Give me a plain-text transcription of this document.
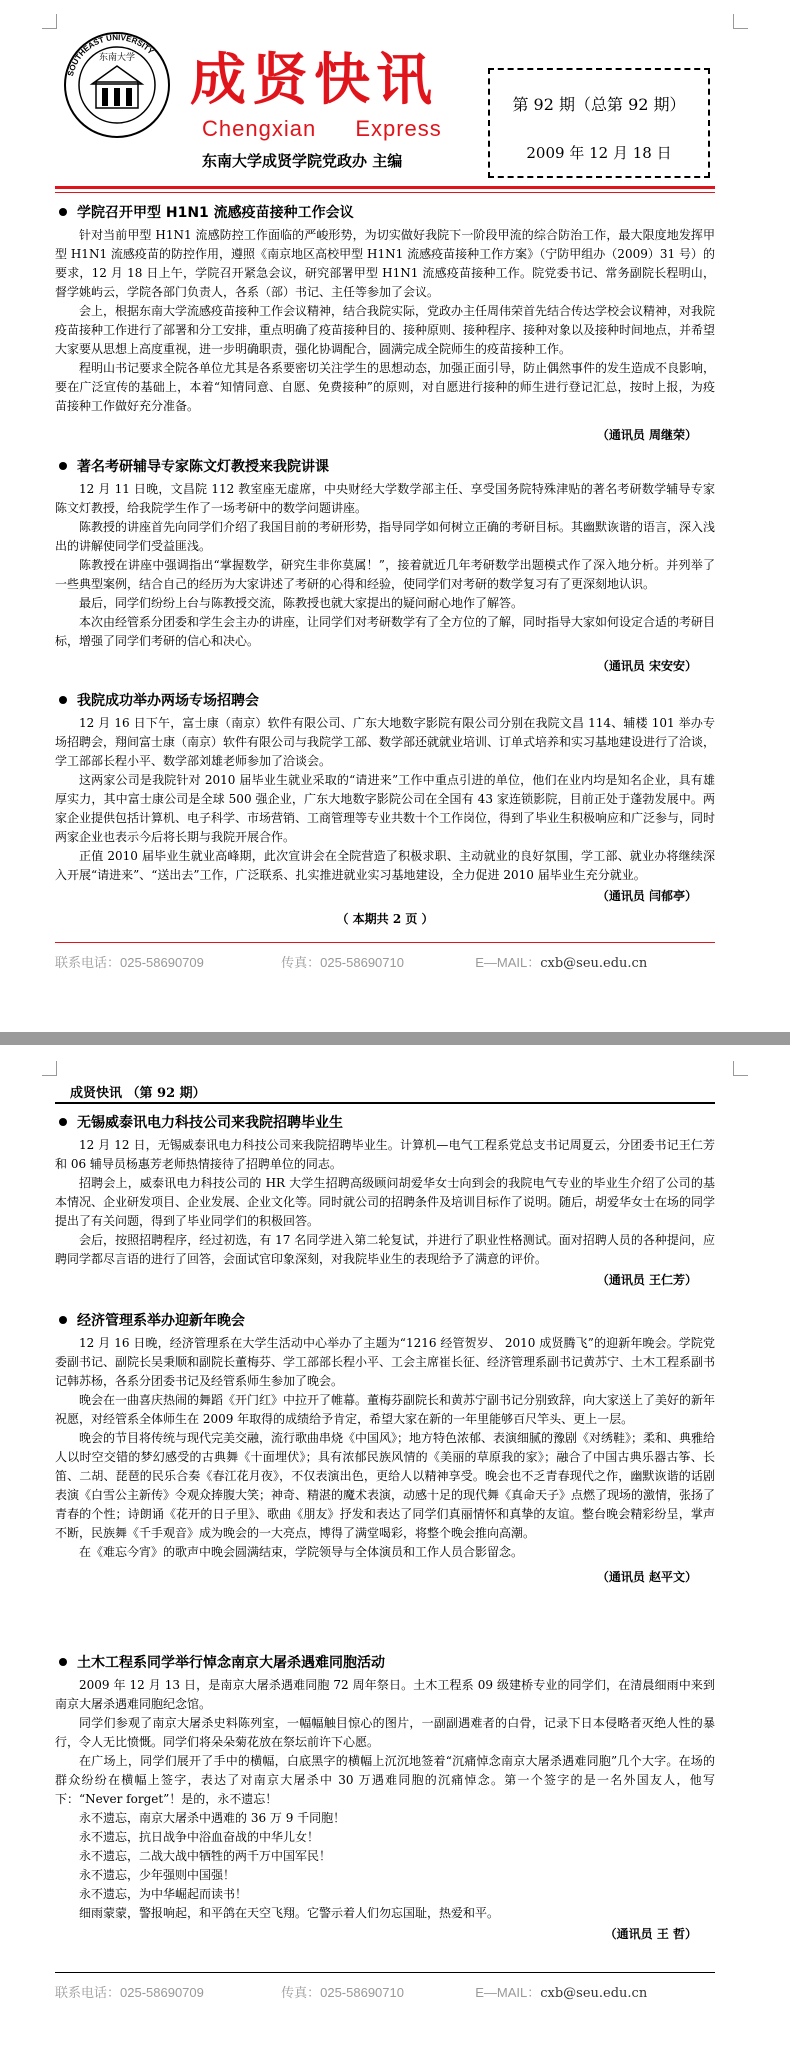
SOUTHEAST UNIVERSITY
东南大学 成贤快讯
Chengxian Express
东南大学成贤学院党政办 主编
第 92 期（总第 92 期）
2009 年 12 月 18 日
学院召开甲型 H1N1 流感疫苗接种工作会议

针对当前甲型 H1N1 流感防控工作面临的严峻形势，为切实做好我院下一阶段甲流的综合防治工作，最大限度地发挥甲型 H1N1 流感疫苗的防控作用，遵照《南京地区高校甲型 H1N1 流感疫苗接种工作方案》（宁防甲组办（2009）31 号）的要求，12 月 18 日上午，学院召开紧急会议，研究部署甲型 H1N1 流感疫苗接种工作。院党委书记、常务副院长程明山，督学姚屿云，学院各部门负责人，各系（部）书记、主任等参加了会议。

会上，根据东南大学流感疫苗接种工作会议精神，结合我院实际，党政办主任周伟荣首先结合传达学校会议精神，对我院疫苗接种工作进行了部署和分工安排，重点明确了疫苗接种目的、接种原则、接种程序、接种对象以及接种时间地点，并希望大家要从思想上高度重视，进一步明确职责，强化协调配合，圆满完成全院师生的疫苗接种工作。

程明山书记要求全院各单位尤其是各系要密切关注学生的思想动态，加强正面引导，防止偶然事件的发生造成不良影响，要在广泛宣传的基础上，本着“知情同意、自愿、免费接种”的原则，对自愿进行接种的师生进行登记汇总，按时上报，为疫苗接种工作做好充分准备。

（通讯员 周继荣）
著名考研辅导专家陈文灯教授来我院讲课

12 月 11 日晚，文昌院 112 教室座无虚席，中央财经大学数学部主任、享受国务院特殊津贴的著名考研数学辅导专家陈文灯教授，给我院学生作了一场考研中的数学问题讲座。

陈教授的讲座首先向同学们介绍了我国目前的考研形势，指导同学如何树立正确的考研目标。其幽默诙谐的语言，深入浅出的讲解使同学们受益匪浅。

陈教授在讲座中强调指出“掌握数学，研究生非你莫属！”，接着就近几年考研数学出题模式作了深入地分析。并列举了一些典型案例，结合自己的经历为大家讲述了考研的心得和经验，使同学们对考研的数学复习有了更深刻地认识。

最后，同学们纷纷上台与陈教授交流，陈教授也就大家提出的疑问耐心地作了解答。

本次由经管系分团委和学生会主办的讲座，让同学们对考研数学有了全方位的了解，同时指导大家如何设定合适的考研目标，增强了同学们考研的信心和决心。

（通讯员 宋安安）
我院成功举办两场专场招聘会

12 月 16 日下午，富士康（南京）软件有限公司、广东大地数字影院有限公司分别在我院文昌 114、辅楼 101 举办专场招聘会，翔间富士康（南京）软件有限公司与我院学工部、数学部还就就业培训、订单式培养和实习基地建设进行了洽谈，学工部部长程小平、数学部刘雄老师参加了洽谈会。

这两家公司是我院针对 2010 届毕业生就业采取的“请进来”工作中重点引进的单位，他们在业内均是知名企业，具有雄厚实力，其中富士康公司是全球 500 强企业，广东大地数字影院公司在全国有 43 家连锁影院，目前正处于蓬勃发展中。两家企业提供包括计算机、电子科学、市场营销、工商管理等专业共数十个工作岗位，得到了毕业生积极响应和广泛参与，同时两家企业也表示今后将长期与我院开展合作。

正值 2010 届毕业生就业高峰期，此次宣讲会在全院营造了积极求职、主动就业的良好氛围，学工部、就业办将继续深入开展“请进来”、“送出去”工作，广泛联系、扎实推进就业实习基地建设，全力促进 2010 届毕业生充分就业。

（通讯员 闫郁亭）
（ 本期共 2 页 ）
联系电话：025-58690709	传真：025-58690710	E—MAIL：cxb@seu.edu.cn
成贤快讯 （第 92 期）
无锡威泰讯电力科技公司来我院招聘毕业生

12 月 12 日，无锡威泰讯电力科技公司来我院招聘毕业生。计算机—电气工程系党总支书记周夏云，分团委书记王仁芳和 06 辅导员杨惠芳老师热情接待了招聘单位的同志。

招聘会上，威泰讯电力科技公司的 HR 大学生招聘高级顾问胡爱华女士向到会的我院电气专业的毕业生介绍了公司的基本情况、企业研发项目、企业发展、企业文化等。同时就公司的招聘条件及培训目标作了说明。随后，胡爱华女士在场的同学提出了有关问题，得到了毕业同学们的积极回答。

会后，按照招聘程序，经过初选，有 17 名同学进入第二轮复试，并进行了职业性格测试。面对招聘人员的各种提问，应聘同学都尽言语的进行了回答，会面试官印象深刻，对我院毕业生的表现给予了满意的评价。

（通讯员 王仁芳）
经济管理系举办迎新年晚会

12 月 16 日晚，经济管理系在大学生活动中心举办了主题为“1216 经管贺岁、 2010 成贤腾飞”的迎新年晚会。学院党委副书记、副院长吴秉顺和副院长董梅芬、学工部部长程小平、工会主席崔长征、经济管理系副书记黄苏宁、土木工程系副书记韩苏杨，各系分团委书记及经管系师生参加了晚会。

晚会在一曲喜庆热闹的舞蹈《开门红》中拉开了帷幕。董梅芬副院长和黄苏宁副书记分别致辞，向大家送上了美好的新年祝愿，对经管系全体师生在 2009 年取得的成绩给予肯定，希望大家在新的一年里能够百尺竿头、更上一层。

晚会的节目将传统与现代完美交融，流行歌曲串烧《中国风》；地方特色浓郁、表演细腻的豫剧《对绣鞋》；柔和、典雅给人以时空交错的梦幻感受的古典舞《十面埋伏》；具有浓郁民族风情的《美丽的草原我的家》；融合了中国古典乐器古筝、长笛、二胡、琵琶的民乐合奏《春江花月夜》，不仅表演出色，更给人以精神享受。晚会也不乏青春现代之作，幽默诙谐的话剧表演《白雪公主新传》令观众捧腹大笑；神奇、精湛的魔术表演，动感十足的现代舞《真命天子》点燃了现场的激情，张扬了青春的个性；诗朗诵《花开的日子里》、歌曲《朋友》抒发和表达了同学们真丽情怀和真挚的友谊。整台晚会精彩纷呈，掌声不断，民族舞《千手观音》成为晚会的一大亮点，博得了满堂喝彩，将整个晚会推向高潮。

在《难忘今宵》的歌声中晚会圆满结束，学院领导与全体演员和工作人员合影留念。

（通讯员 赵平文）
土木工程系同学举行悼念南京大屠杀遇难同胞活动

2009 年 12 月 13 日，是南京大屠杀遇难同胞 72 周年祭日。土木工程系 09 级建桥专业的同学们，在清晨细雨中来到南京大屠杀遇难同胞纪念馆。

同学们参观了南京大屠杀史料陈列室，一幅幅触目惊心的图片，一副副遇难者的白骨，记录下日本侵略者灭绝人性的暴行，令人无比愤慨。同学们将朵朵菊花放在祭坛前许下心愿。

在广场上，同学们展开了手中的横幅，白底黑字的横幅上沉沉地签着“沉痛悼念南京大屠杀遇难同胞”几个大字。在场的群众纷纷在横幅上签字，表达了对南京大屠杀中 30 万遇难同胞的沉痛悼念。第一个签字的是一名外国友人，他写下：“Never forget”！是的，永不遗忘！

永不遗忘，南京大屠杀中遇难的 36 万 9 千同胞！

永不遗忘，抗日战争中浴血奋战的中华儿女！

永不遗忘，二战大战中牺牲的两千万中国军民！

永不遗忘，少年强则中国强！

永不遗忘，为中华崛起而读书！

细雨蒙蒙，警报响起，和平鸽在天空飞翔。它警示着人们勿忘国耻，热爱和平。

（通讯员 王 哲）
联系电话：025-58690709	传真：025-58690710	E—MAIL：cxb@seu.edu.cn
